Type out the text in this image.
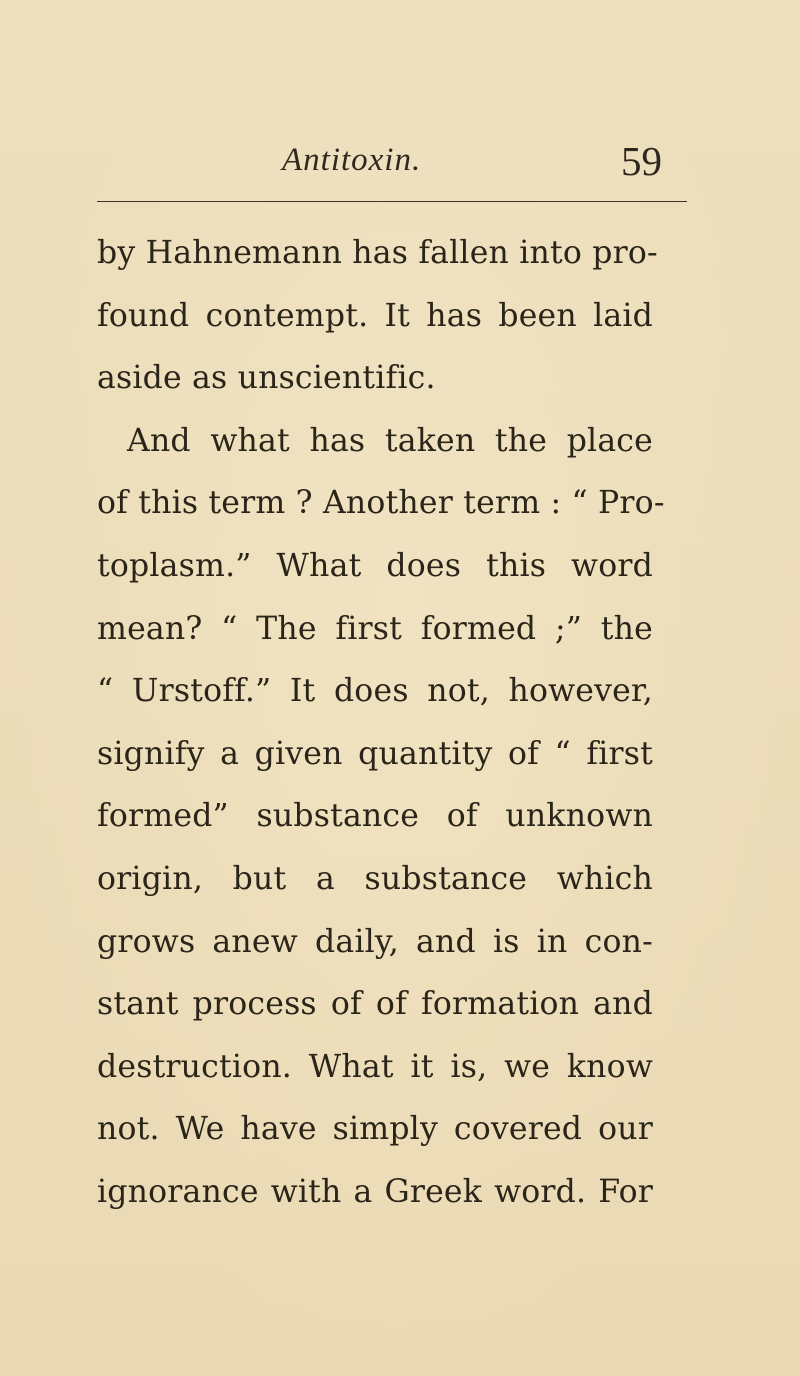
Antitoxin.	59
by Hahnemann has fallen into pro-
found contempt. It has been laid
aside as unscientific.
And what has taken the place
of this term ? Another term : “ Pro-
toplasm.” What does this word
mean? “ The first formed ;” the
“ Urstoff.” It does not, however,
signify a given quantity of “ first
formed” substance of unknown
origin, but a substance which
grows anew daily, and is in con-
stant process of of formation and
destruction. What it is, we know
not. We have simply covered our
ignorance with a Greek word. For
